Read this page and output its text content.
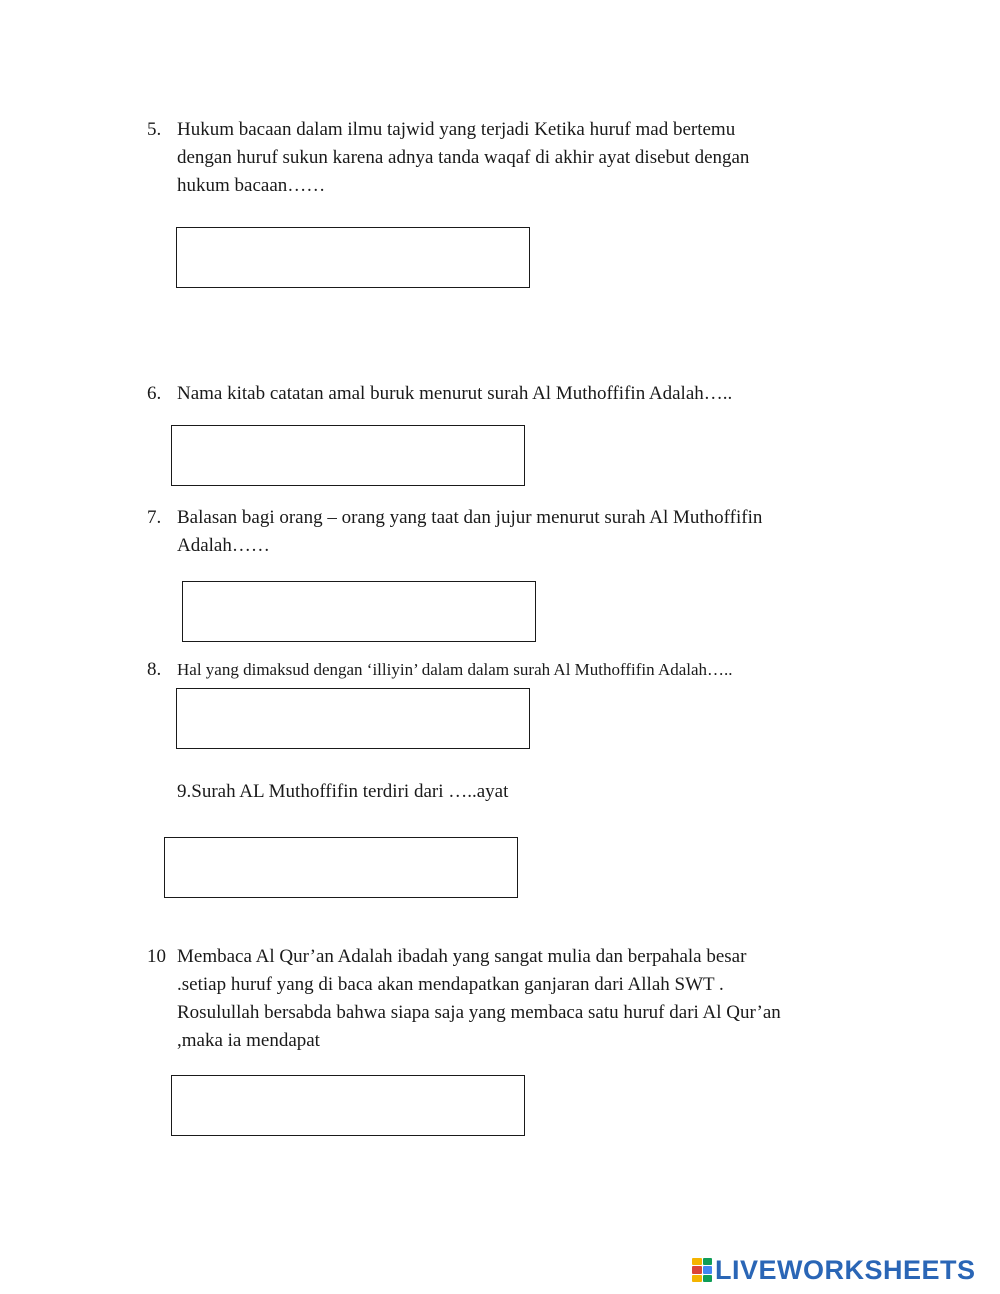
5. Hukum bacaan dalam ilmu tajwid yang terjadi Ketika huruf mad bertemu
dengan huruf sukun karena adnya tanda waqaf di akhir ayat disebut dengan
hukum bacaan……
6. Nama kitab catatan amal buruk menurut surah Al Muthoffifin Adalah…..
7. Balasan bagi orang – orang yang taat dan jujur menurut surah Al Muthoffifin
Adalah……
8. Hal yang dimaksud dengan ‘illiyin’ dalam dalam surah Al Muthoffifin Adalah…..
9.Surah AL Muthoffifin terdiri dari …..ayat
10 Membaca Al Qur’an Adalah ibadah yang sangat mulia dan berpahala besar
.setiap huruf yang di baca akan mendapatkan ganjaran dari Allah SWT .
Rosulullah bersabda bahwa siapa saja yang membaca satu huruf dari Al Qur’an
,maka ia mendapat
LIVEWORKSHEETS
